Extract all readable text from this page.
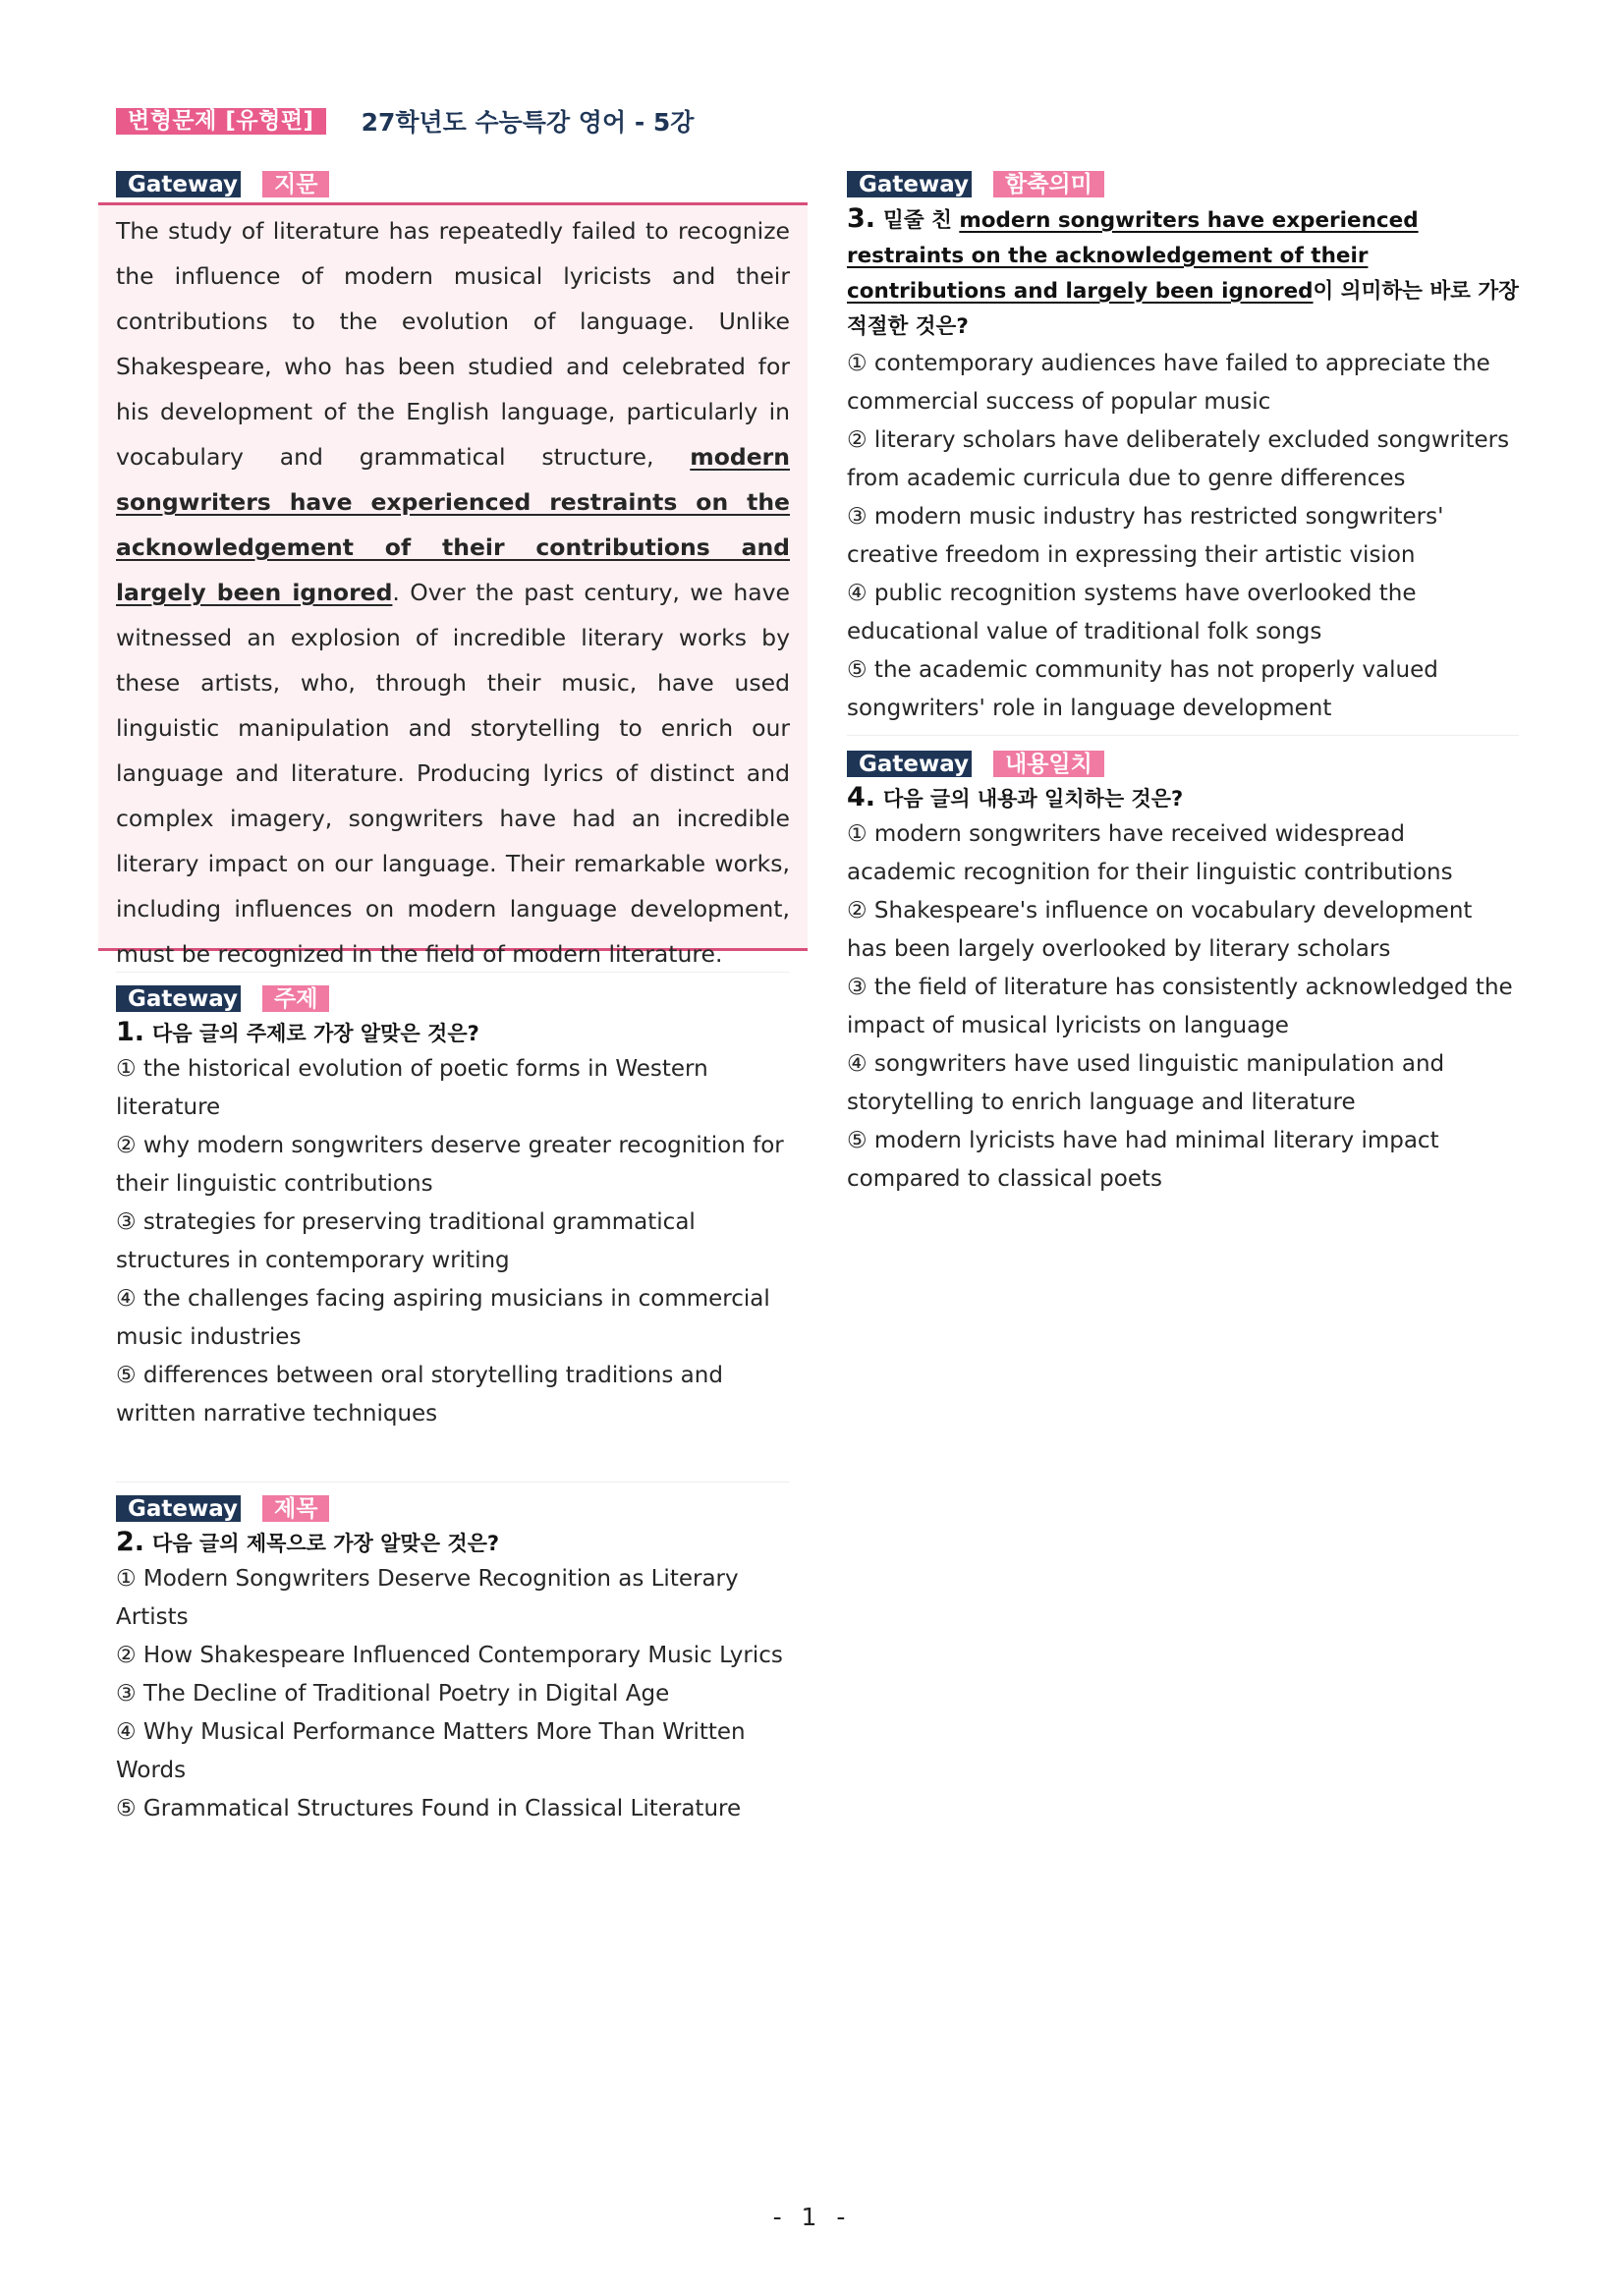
변형문제 [유형편]	27학년도 수능특강 영어 - 5강
Gateway	지문
The study of literature has repeatedly failed to recognize the influence of modern musical lyricists and their contributions to the evolution of language. Unlike Shakespeare, who has been studied and celebrated for his development of the English language, particularly in vocabulary and grammatical structure, modern songwriters have experienced restraints on the acknowledgement of their contributions and largely been ignored. Over the past century, we have witnessed an explosion of incredible literary works by these artists, who, through their music, have used linguistic manipulation and storytelling to enrich our language and literature. Producing lyrics of distinct and complex imagery, songwriters have had an incredible literary impact on our language. Their remarkable works, including influences on modern language development, must be recognized in the field of modern literature.
Gateway	주제
1. 다음 글의 주제로 가장 알맞은 것은?
① the historical evolution of poetic forms in Western literature
② why modern songwriters deserve greater recognition for their linguistic contributions
③ strategies for preserving traditional grammatical structures in contemporary writing
④ the challenges facing aspiring musicians in commercial music industries
⑤ differences between oral storytelling traditions and written narrative techniques
Gateway	제목
2. 다음 글의 제목으로 가장 알맞은 것은?
① Modern Songwriters Deserve Recognition as Literary Artists
② How Shakespeare Influenced Contemporary Music Lyrics
③ The Decline of Traditional Poetry in Digital Age
④ Why Musical Performance Matters More Than Written Words
⑤ Grammatical Structures Found in Classical Literature
Gateway	함축의미
3. 밑줄 친 modern songwriters have experienced restraints on the acknowledgement of their contributions and largely been ignored이 의미하는 바로 가장 적절한 것은?
① contemporary audiences have failed to appreciate the commercial success of popular music
② literary scholars have deliberately excluded songwriters from academic curricula due to genre differences
③ modern music industry has restricted songwriters' creative freedom in expressing their artistic vision
④ public recognition systems have overlooked the educational value of traditional folk songs
⑤ the academic community has not properly valued songwriters' role in language development
Gateway	내용일치
4. 다음 글의 내용과 일치하는 것은?
① modern songwriters have received widespread academic recognition for their linguistic contributions
② Shakespeare's influence on vocabulary development has been largely overlooked by literary scholars
③ the field of literature has consistently acknowledged the impact of musical lyricists on language
④ songwriters have used linguistic manipulation and storytelling to enrich language and literature
⑤ modern lyricists have had minimal literary impact compared to classical poets
- 1 -
